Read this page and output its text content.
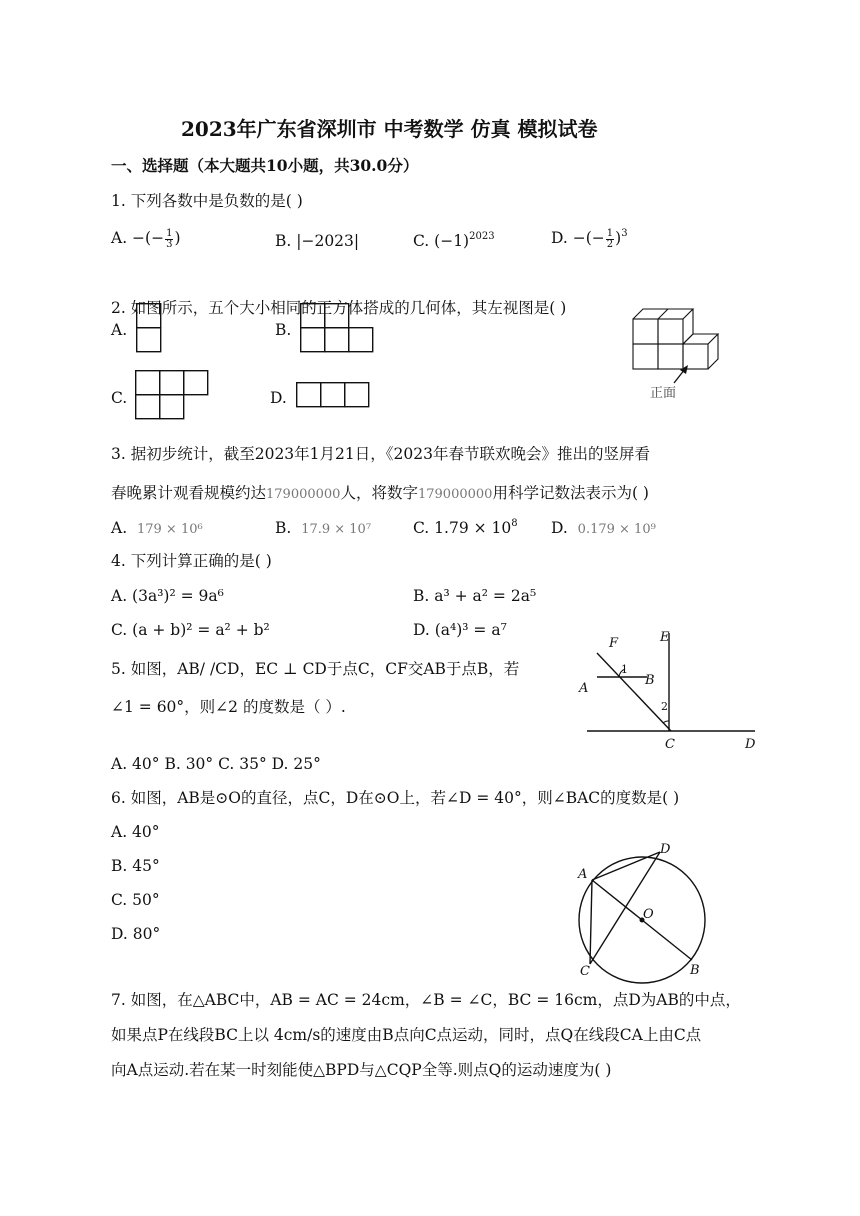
2023年广东省深圳市 中考数学 仿真 模拟试卷
一、选择题（本大题共10小题，共30.0分）
1. 下列各数中是负数的是( )
A. −(− $\frac{1}{3}$ )	B. |−2023|	C. $(-1)^{2023}$	D. −(− $\frac{1}{2} )^3$
2. 如图所示，五个大小相同的正方体搭成的几何体，其左视图是( )
A.	B.
C.	D.	正面
3. 据初步统计，截至2023年1月21日，《2023年春节联欢晚会》推出的竖屏看
春晚累计观看规模约达179000000人，将数字179000000用科学记数法表示为( )
A. 179 × 10⁶	B. 17.9 × 10⁷	C. $1.79 \times 10^8$ D. 0.179 × 10⁹
4. 下列计算正确的是( )
A. (3a³)² = 9a⁶	B. a³ + a² = 2a⁵
C. (a + b)² = a² + b²	D. (a⁴)³ = a⁷
5. 如图，AB/ /CD，EC ⊥ CD于点C，CF交AB于点B，若
∠1 = 60°，则∠2 的度数是（ ）.
A. 40° B. 30° C. 35° D. 25°
F	E
A
1
B
2
C	D
6. 如图，AB是⊙O的直径，点C，D在⊙O上，若∠D = 40°，则∠BAC的度数是( )
A. 40°
B. 45°
C. 50°
D. 80°
A
D
O
C	B
7. 如图，在△ABC中，AB = AC = 24cm，∠B = ∠C，BC = 16cm，点D为AB的中点，
如果点P在线段BC上以 4cm/s的速度由B点向C点运动，同时，点Q在线段CA上由C点
向A点运动.若在某一时刻能使△BPD与△CQP全等.则点Q的运动速度为( )
